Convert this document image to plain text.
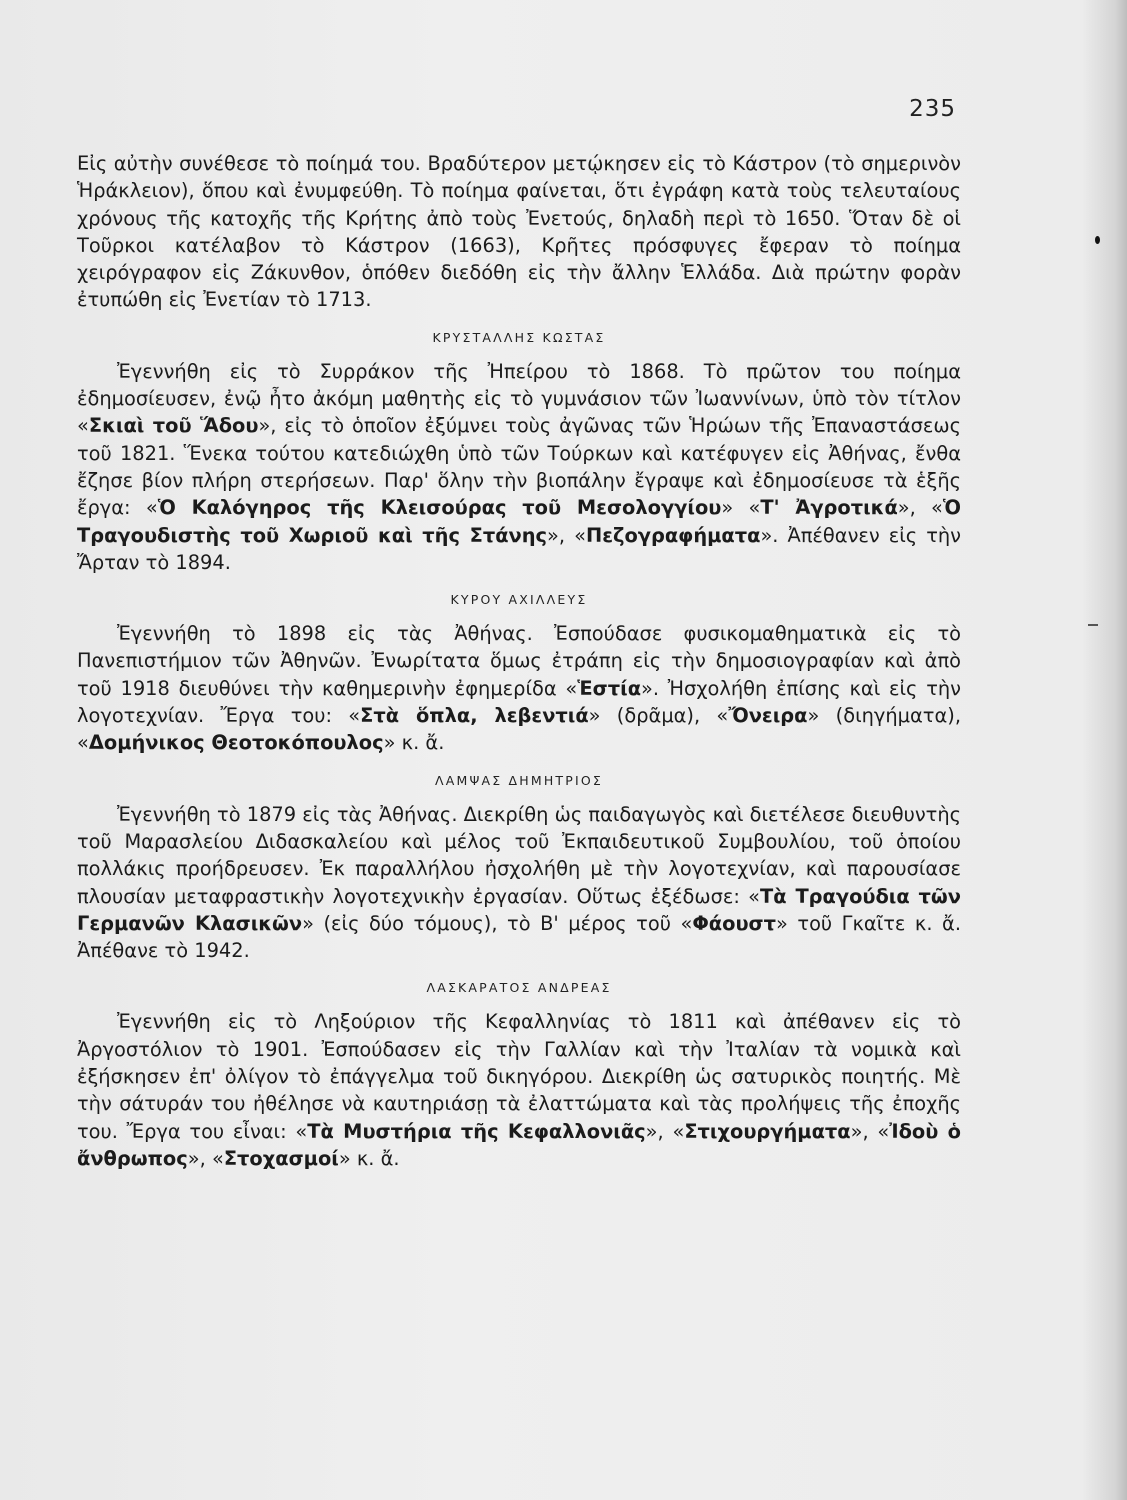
235

Εἰς αὐτὴν συνέθεσε τὸ ποίημά του. Βραδύτερον μετῴκησεν εἰς τὸ Κάστρον (τὸ σημερινὸν Ἡράκλειον), ὅπου καὶ ἐνυμφεύθη. Τὸ ποίημα φαίνεται, ὅτι ἐγράφη κατὰ τοὺς τελευταίους χρόνους τῆς κατοχῆς τῆς Κρήτης ἀπὸ τοὺς Ἐνετούς, δηλαδὴ περὶ τὸ 1650. Ὅταν δὲ οἱ Τοῦρκοι κατέλαβον τὸ Κάστρον (1663), Κρῆτες πρόσφυγες ἔφεραν τὸ ποίημα χειρόγραφον εἰς Ζάκυνθον, ὁπόθεν διεδόθη εἰς τὴν ἄλλην Ἑλλάδα. Διὰ πρώτην φορὰν ἐτυπώθη εἰς Ἐνετίαν τὸ 1713.

ΚΡΥΣΤΑΛΛΗΣ ΚΩΣΤΑΣ

Ἐγεννήθη εἰς τὸ Συρράκον τῆς Ἠπείρου τὸ 1868. Τὸ πρῶτον του ποίημα ἐδημοσίευσεν, ἐνῷ ἦτο ἀκόμη μαθητὴς εἰς τὸ γυμνάσιον τῶν Ἰωαννίνων, ὑπὸ τὸν τίτλον «Σκιαὶ τοῦ Ἅδου», εἰς τὸ ὁποῖον ἐξύμνει τοὺς ἀγῶνας τῶν Ἡρώων τῆς Ἐπαναστάσεως τοῦ 1821. Ἕνεκα τούτου κατεδιώχθη ὑπὸ τῶν Τούρκων καὶ κατέφυγεν εἰς Ἀθήνας, ἔνθα ἔζησε βίον πλήρη στερήσεων. Παρ' ὅλην τὴν βιοπάλην ἔγραψε καὶ ἐδημοσίευσε τὰ ἑξῆς ἔργα: «Ὁ Καλόγηρος τῆς Κλεισούρας τοῦ Μεσολογγίου» «Τ' Ἀγροτικά», «Ὁ Τραγουδιστὴς τοῦ Χωριοῦ καὶ τῆς Στάνης», «Πεζογραφήματα». Ἀπέθανεν εἰς τὴν Ἄρταν τὸ 1894.

ΚΥΡΟΥ ΑΧΙΛΛΕΥΣ

Ἐγεννήθη τὸ 1898 εἰς τὰς Ἀθήνας. Ἐσπούδασε φυσικομαθηματικὰ εἰς τὸ Πανεπιστήμιον τῶν Ἀθηνῶν. Ἐνωρίτατα ὅμως ἐτράπη εἰς τὴν δημοσιογραφίαν καὶ ἀπὸ τοῦ 1918 διευθύνει τὴν καθημερινὴν ἐφημερίδα «Ἑστία». Ἠσχολήθη ἐπίσης καὶ εἰς τὴν λογοτεχνίαν. Ἔργα του: «Στὰ ὅπλα, λεβεντιά» (δρᾶμα), «Ὄνειρα» (διηγήματα), «Δομήνικος Θεοτοκόπουλος» κ. ἄ.

ΛΑΜΨΑΣ ΔΗΜΗΤΡΙΟΣ

Ἐγεννήθη τὸ 1879 εἰς τὰς Ἀθήνας. Διεκρίθη ὡς παιδαγωγὸς καὶ διετέλεσε διευθυντὴς τοῦ Μαρασλείου Διδασκαλείου καὶ μέλος τοῦ Ἐκπαιδευτικοῦ Συμβουλίου, τοῦ ὁποίου πολλάκις προήδρευσεν. Ἐκ παραλλήλου ἠσχολήθη μὲ τὴν λογοτεχνίαν, καὶ παρουσίασε πλουσίαν μεταφραστικὴν λογοτεχνικὴν ἐργασίαν. Οὕτως ἐξέδωσε: «Τὰ Τραγούδια τῶν Γερμανῶν Κλασικῶν» (εἰς δύο τόμους), τὸ Β' μέρος τοῦ «Φάουστ» τοῦ Γκαῖτε κ. ἄ. Ἀπέθανε τὸ 1942.

ΛΑΣΚΑΡΑΤΟΣ ΑΝΔΡΕΑΣ

Ἐγεννήθη εἰς τὸ Ληξούριον τῆς Κεφαλληνίας τὸ 1811 καὶ ἀπέθανεν εἰς τὸ Ἀργοστόλιον τὸ 1901. Ἐσπούδασεν εἰς τὴν Γαλλίαν καὶ τὴν Ἰταλίαν τὰ νομικὰ καὶ ἐξήσκησεν ἐπ' ὀλίγον τὸ ἐπάγγελμα τοῦ δικηγόρου. Διεκρίθη ὡς σατυρικὸς ποιητής. Μὲ τὴν σάτυράν του ἠθέλησε νὰ καυτηριάσῃ τὰ ἐλαττώματα καὶ τὰς προλήψεις τῆς ἐποχῆς του. Ἔργα του εἶναι: «Τὰ Μυστήρια τῆς Κεφαλλονιᾶς», «Στιχουργήματα», «Ἰδοὺ ὁ ἄνθρωπος», «Στοχασμοί» κ. ἄ.
